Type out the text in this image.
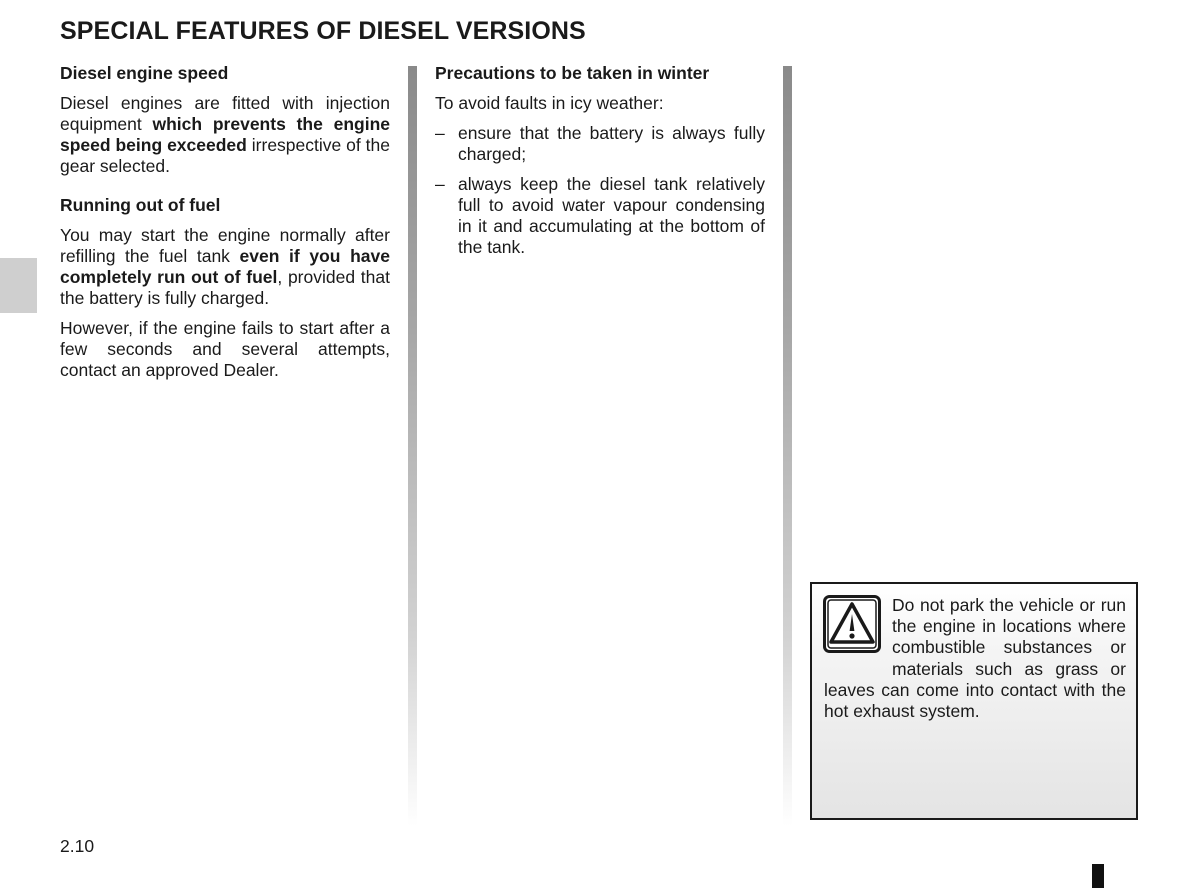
SPECIAL FEATURES OF DIESEL VERSIONS
Diesel engine speed

Diesel engines are fitted with injection equipment which prevents the engine speed being exceeded irrespective of the gear selected.

Running out of fuel

You may start the engine normally after refilling the fuel tank even if you have completely run out of fuel, provided that the battery is fully charged.

However, if the engine fails to start after a few seconds and several attempts, contact an approved Dealer.

Precautions to be taken in winter

To avoid faults in icy weather:

– ensure that the battery is always fully charged;
– always keep the diesel tank relatively full to avoid water vapour condensing in it and accumulating at the bottom of the tank.
Do not park the vehicle or run the engine in locations where combustible substances or materials such as grass or leaves can come into contact with the hot exhaust system.
2.10
